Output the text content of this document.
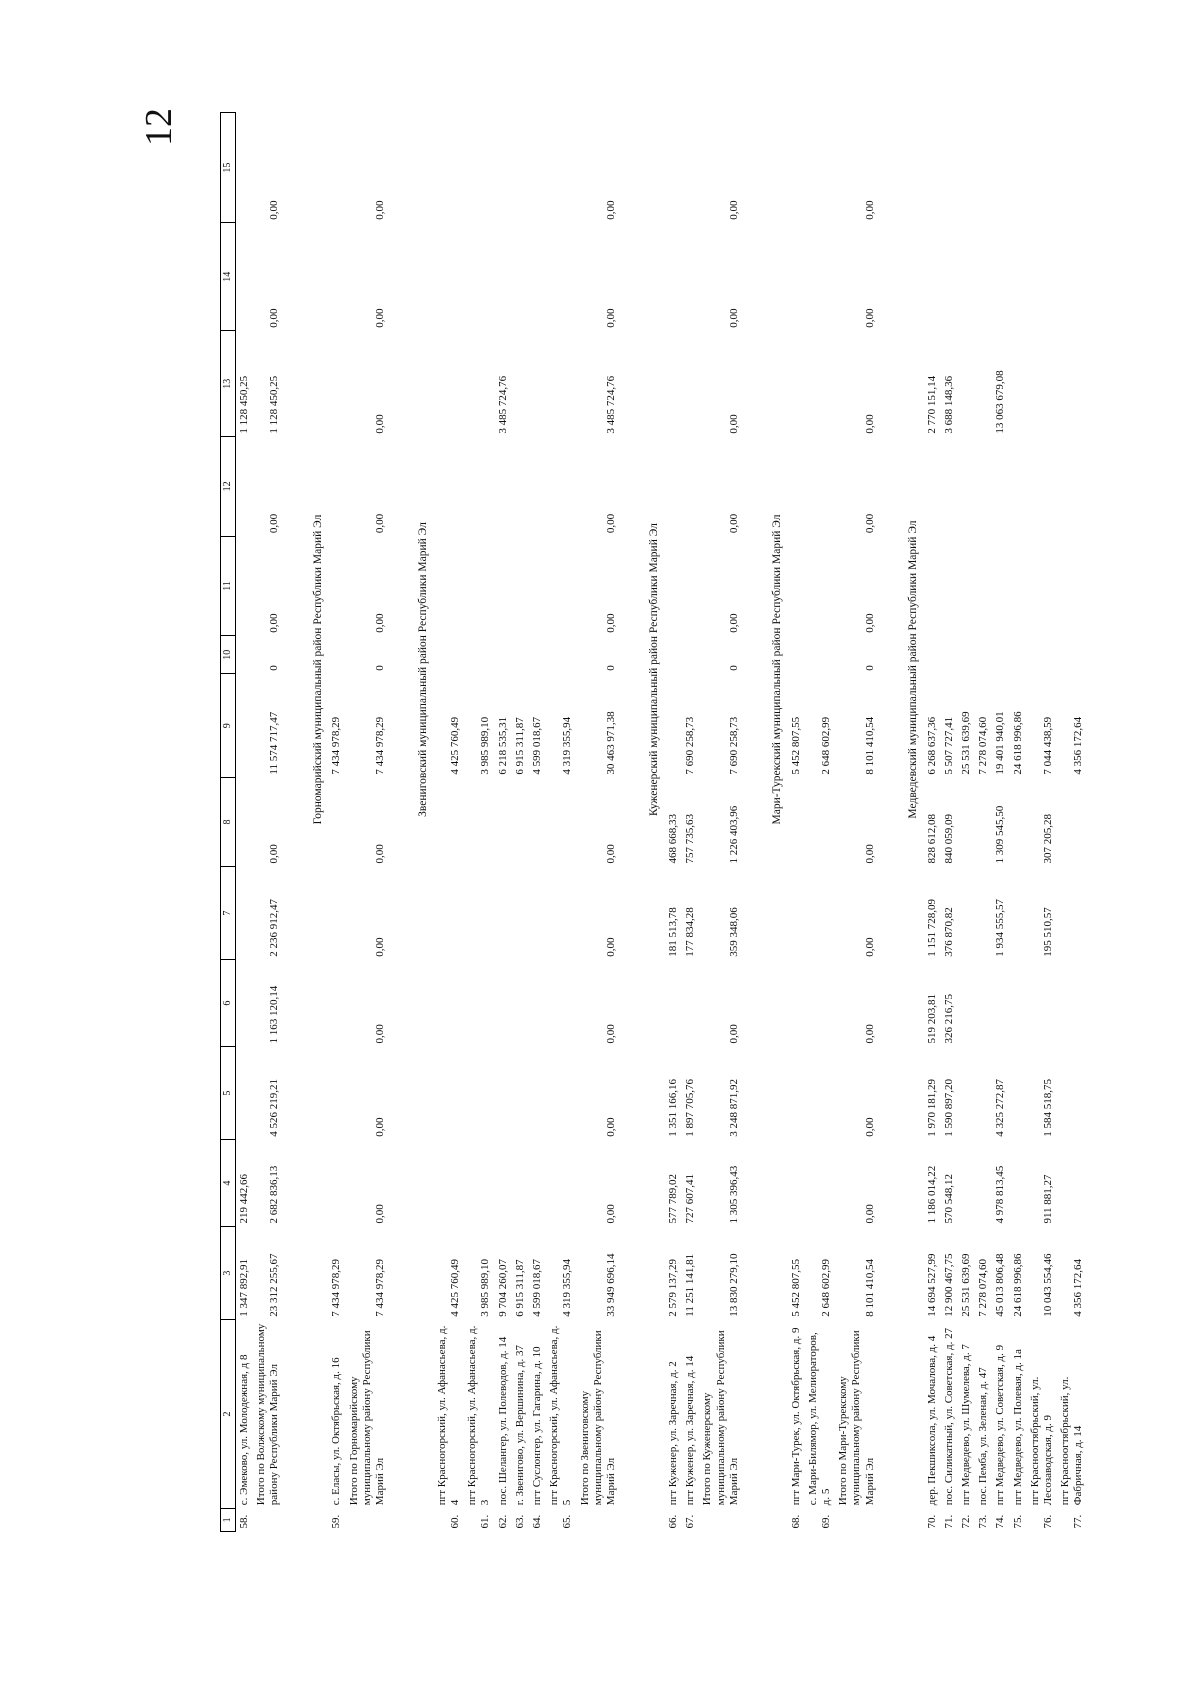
12
1	2	3	4	5	6	7	8	9	10	11	12	13	14	15
58.	с. Эмеково, ул. Молодежная, д 8	1 347 892,91	219 442,66									1 128 450,25		
	Итого по Волжскому муниципальному району Республики Марий Эл	23 312 255,67	2 682 836,13	4 526 219,21	1 163 120,14	2 236 912,47	0,00	11 574 717,47	0	0,00	0,00	1 128 450,25	0,00	0,00

			Горномарийский муниципальный район Республики Марий Эл											
59.	с. Еласы, ул. Октябрьская, д. 16	7 434 978,29						7 434 978,29						
	Итого по Горномарийскому муниципальному району Республики Марий Эл	7 434 978,29	0,00	0,00	0,00	0,00	0,00	7 434 978,29	0	0,00	0,00	0,00	0,00	0,00

			Звениговский муниципальный район Республики Марий Эл											
60.	пгт Красногорский, ул. Афанасьева, д. 4	4 425 760,49						4 425 760,49						
61.	пгт Красногорский, ул. Афанасьева, д. 3	3 985 989,10						3 985 989,10						
62.	пос. Шелангер, ул. Полеводов, д. 14	9 704 260,07						6 218 535,31				3 485 724,76		
63.	г. Звенигово, ул. Вершинина, д. 37	6 915 311,87						6 915 311,87						
64.	пгт Суслонгер, ул. Гагарина, д. 10	4 599 018,67						4 599 018,67						
65.	пгт Красногорский, ул. Афанасьева, д. 5	4 319 355,94						4 319 355,94						
	Итого по Звениговскому муниципальному району Республики Марий Эл	33 949 696,14	0,00	0,00	0,00	0,00	0,00	30 463 971,38	0	0,00	0,00	3 485 724,76	0,00	0,00

			Куженерский муниципальный район Республики Марий Эл											
66.	пгт Куженер, ул. Заречная, д. 2	2 579 137,29	577 789,02	1 351 166,16		181 513,78	468 668,33							
67.	пгт Куженер, ул. Заречная, д. 14	11 251 141,81	727 607,41	1 897 705,76		177 834,28	757 735,63	7 690 258,73						
	Итого по Куженерскому муниципальному району Республики Марий Эл	13 830 279,10	1 305 396,43	3 248 871,92	0,00	359 348,06	1 226 403,96	7 690 258,73	0	0,00	0,00	0,00	0,00	0,00

			Мари-Турекский муниципальный район Республики Марий Эл											
68.	пгт Мари-Турек, ул. Октябрьская, д. 9	5 452 807,55						5 452 807,55						
69.	с. Мари-Билямор, ул. Мелиораторов, д. 5	2 648 602,99						2 648 602,99						
	Итого по Мари-Турекскому муниципальному району Республики Марий Эл	8 101 410,54	0,00	0,00	0,00	0,00	0,00	8 101 410,54	0	0,00	0,00	0,00	0,00	0,00

			Медведевский муниципальный район Республики Марий Эл											
70.	дер. Пекшиксола, ул. Мочалова, д. 4	14 694 527,99	1 186 014,22	1 970 181,29	519 203,81	1 151 728,09	828 612,08	6 268 637,36				2 770 151,14		
71.	пос. Силикатный, ул. Советская, д. 27	12 900 467,75	570 548,12	1 590 897,20	326 216,75	376 870,82	840 059,09	5 507 727,41				3 688 148,36		
72.	пгт Медведево, ул. Шумелева, д. 7	25 531 639,69						25 531 639,69						
73.	пос. Пемба, ул. Зеленая, д. 47	7 278 074,60						7 278 074,60						
74.	пгт Медведево, ул. Советская, д. 9	45 013 806,48	4 978 813,45	4 325 272,87		1 934 555,57	1 309 545,50	19 401 940,01				13 063 679,08		
75.	пгт Медведево, ул. Полевая, д. 1а	24 618 996,86						24 618 996,86						
76.	пгт Красноогтябрьский, ул. Лесозаводская, д. 9	10 043 554,46	911 881,27	1 584 518,75		195 510,57	307 205,28	7 044 438,59						
77.	пгт Красноогтябрьский, ул. Фабричная, д. 14	4 356 172,64						4 356 172,64						
